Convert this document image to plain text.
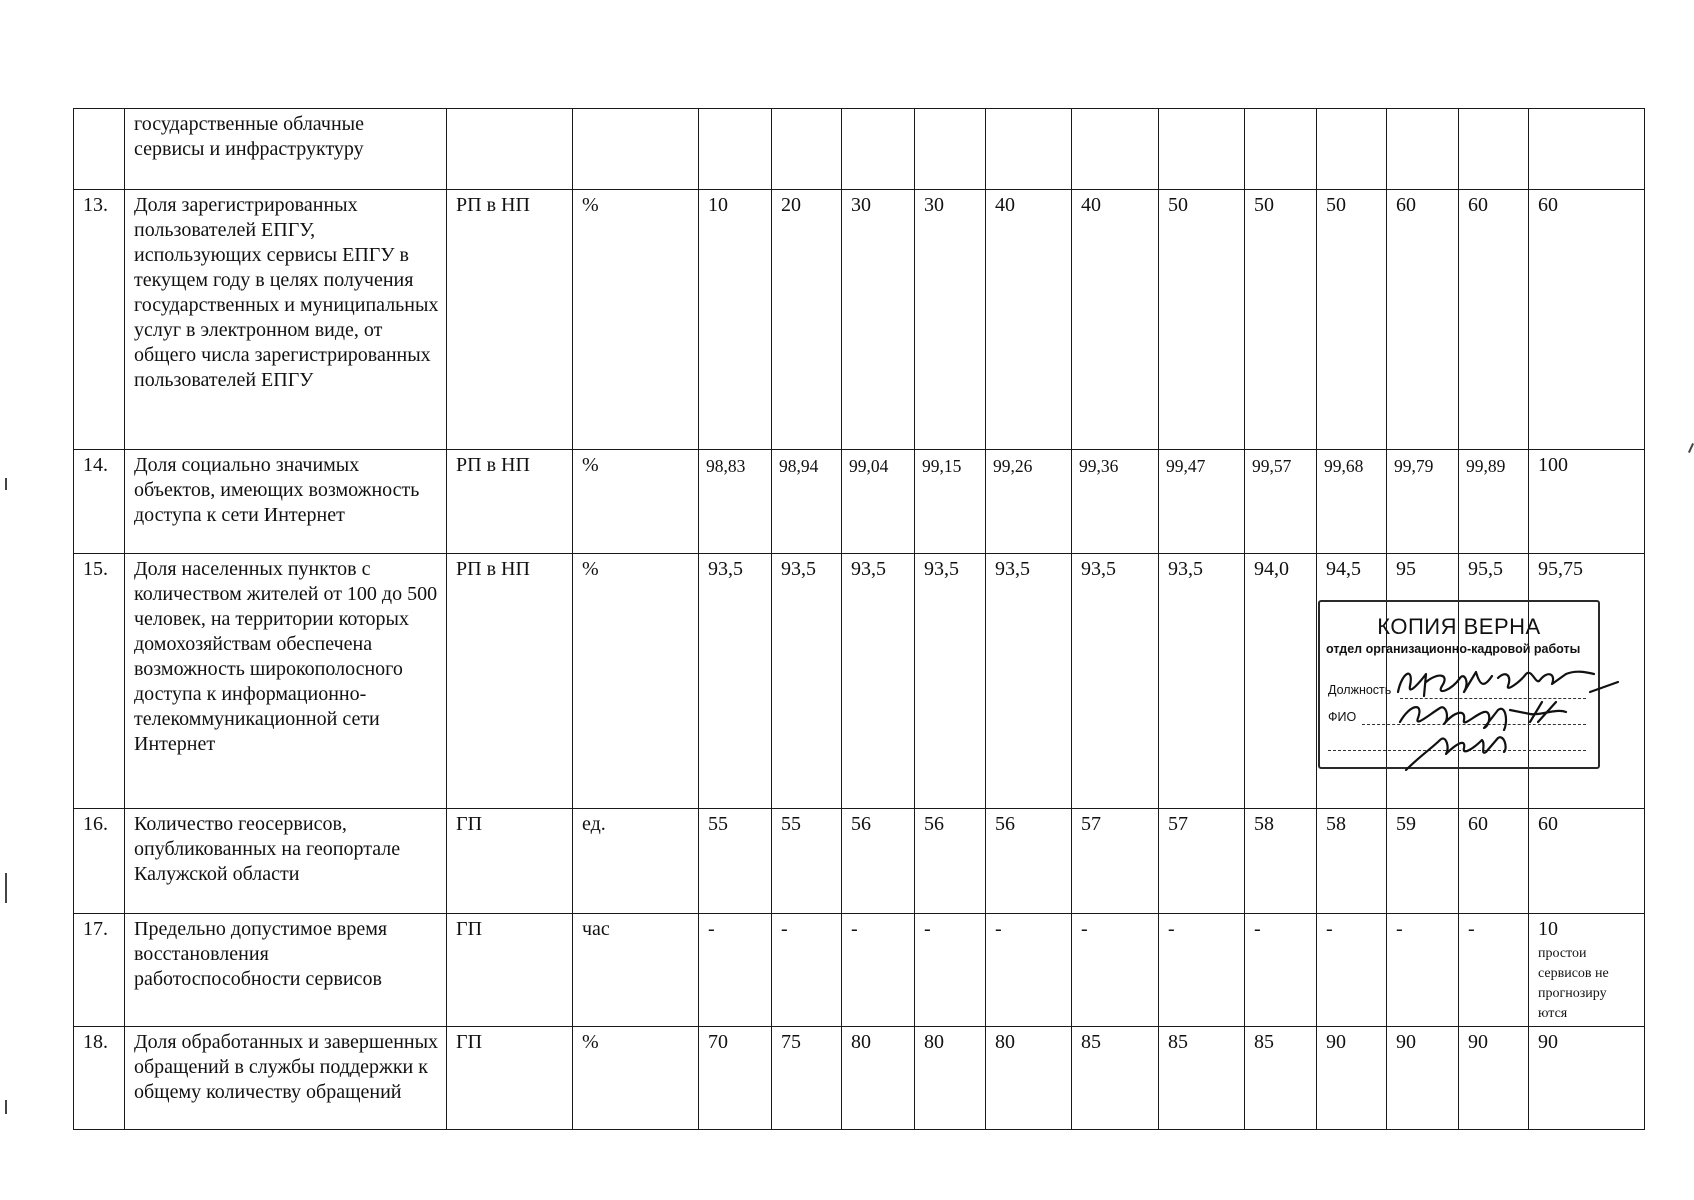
	государственные облачные сервисы и инфраструктуру														
13.	Доля зарегистрированных пользователей ЕПГУ, использующих сервисы ЕПГУ в текущем году в целях получения государственных и муниципальных услуг в электронном виде, от общего числа зарегистрированных пользователей ЕПГУ	РП в НП	%	10	20	30	30	40	40	50	50	50	60	60	60
14.	Доля социально значимых объектов, имеющих возможность доступа к сети Интернет	РП в НП	%	98,83	98,94	99,04	99,15	99,26	99,36	99,47	99,57	99,68	99,79	99,89	100
15.	Доля населенных пунктов с количеством жителей от 100 до 500 человек, на территории которых домохозяйствам обеспечена возможность широкополосного доступа к информационно-телекоммуникационной сети Интернет	РП в НП	%	93,5	93,5	93,5	93,5	93,5	93,5	93,5	94,0	94,5	95	95,5	95,75
16.	Количество геосервисов, опубликованных на геопортале Калужской области	ГП	ед.	55	55	56	56	56	57	57	58	58	59	60	60
17.	Предельно допустимое время восстановления работоспособности сервисов	ГП	час	-	-	-	-	-	-	-	-	-	-	-	10
простои сервисов не прогнозиру ются

18.	Доля обработанных и завершенных обращений в службы поддержки к общему количеству обращений	ГП	%	70	75	80	80	80	85	85	85	90	90	90	90
КОПИЯ ВЕРНА
отдел организационно-кадровой работы
Должность
ФИО
